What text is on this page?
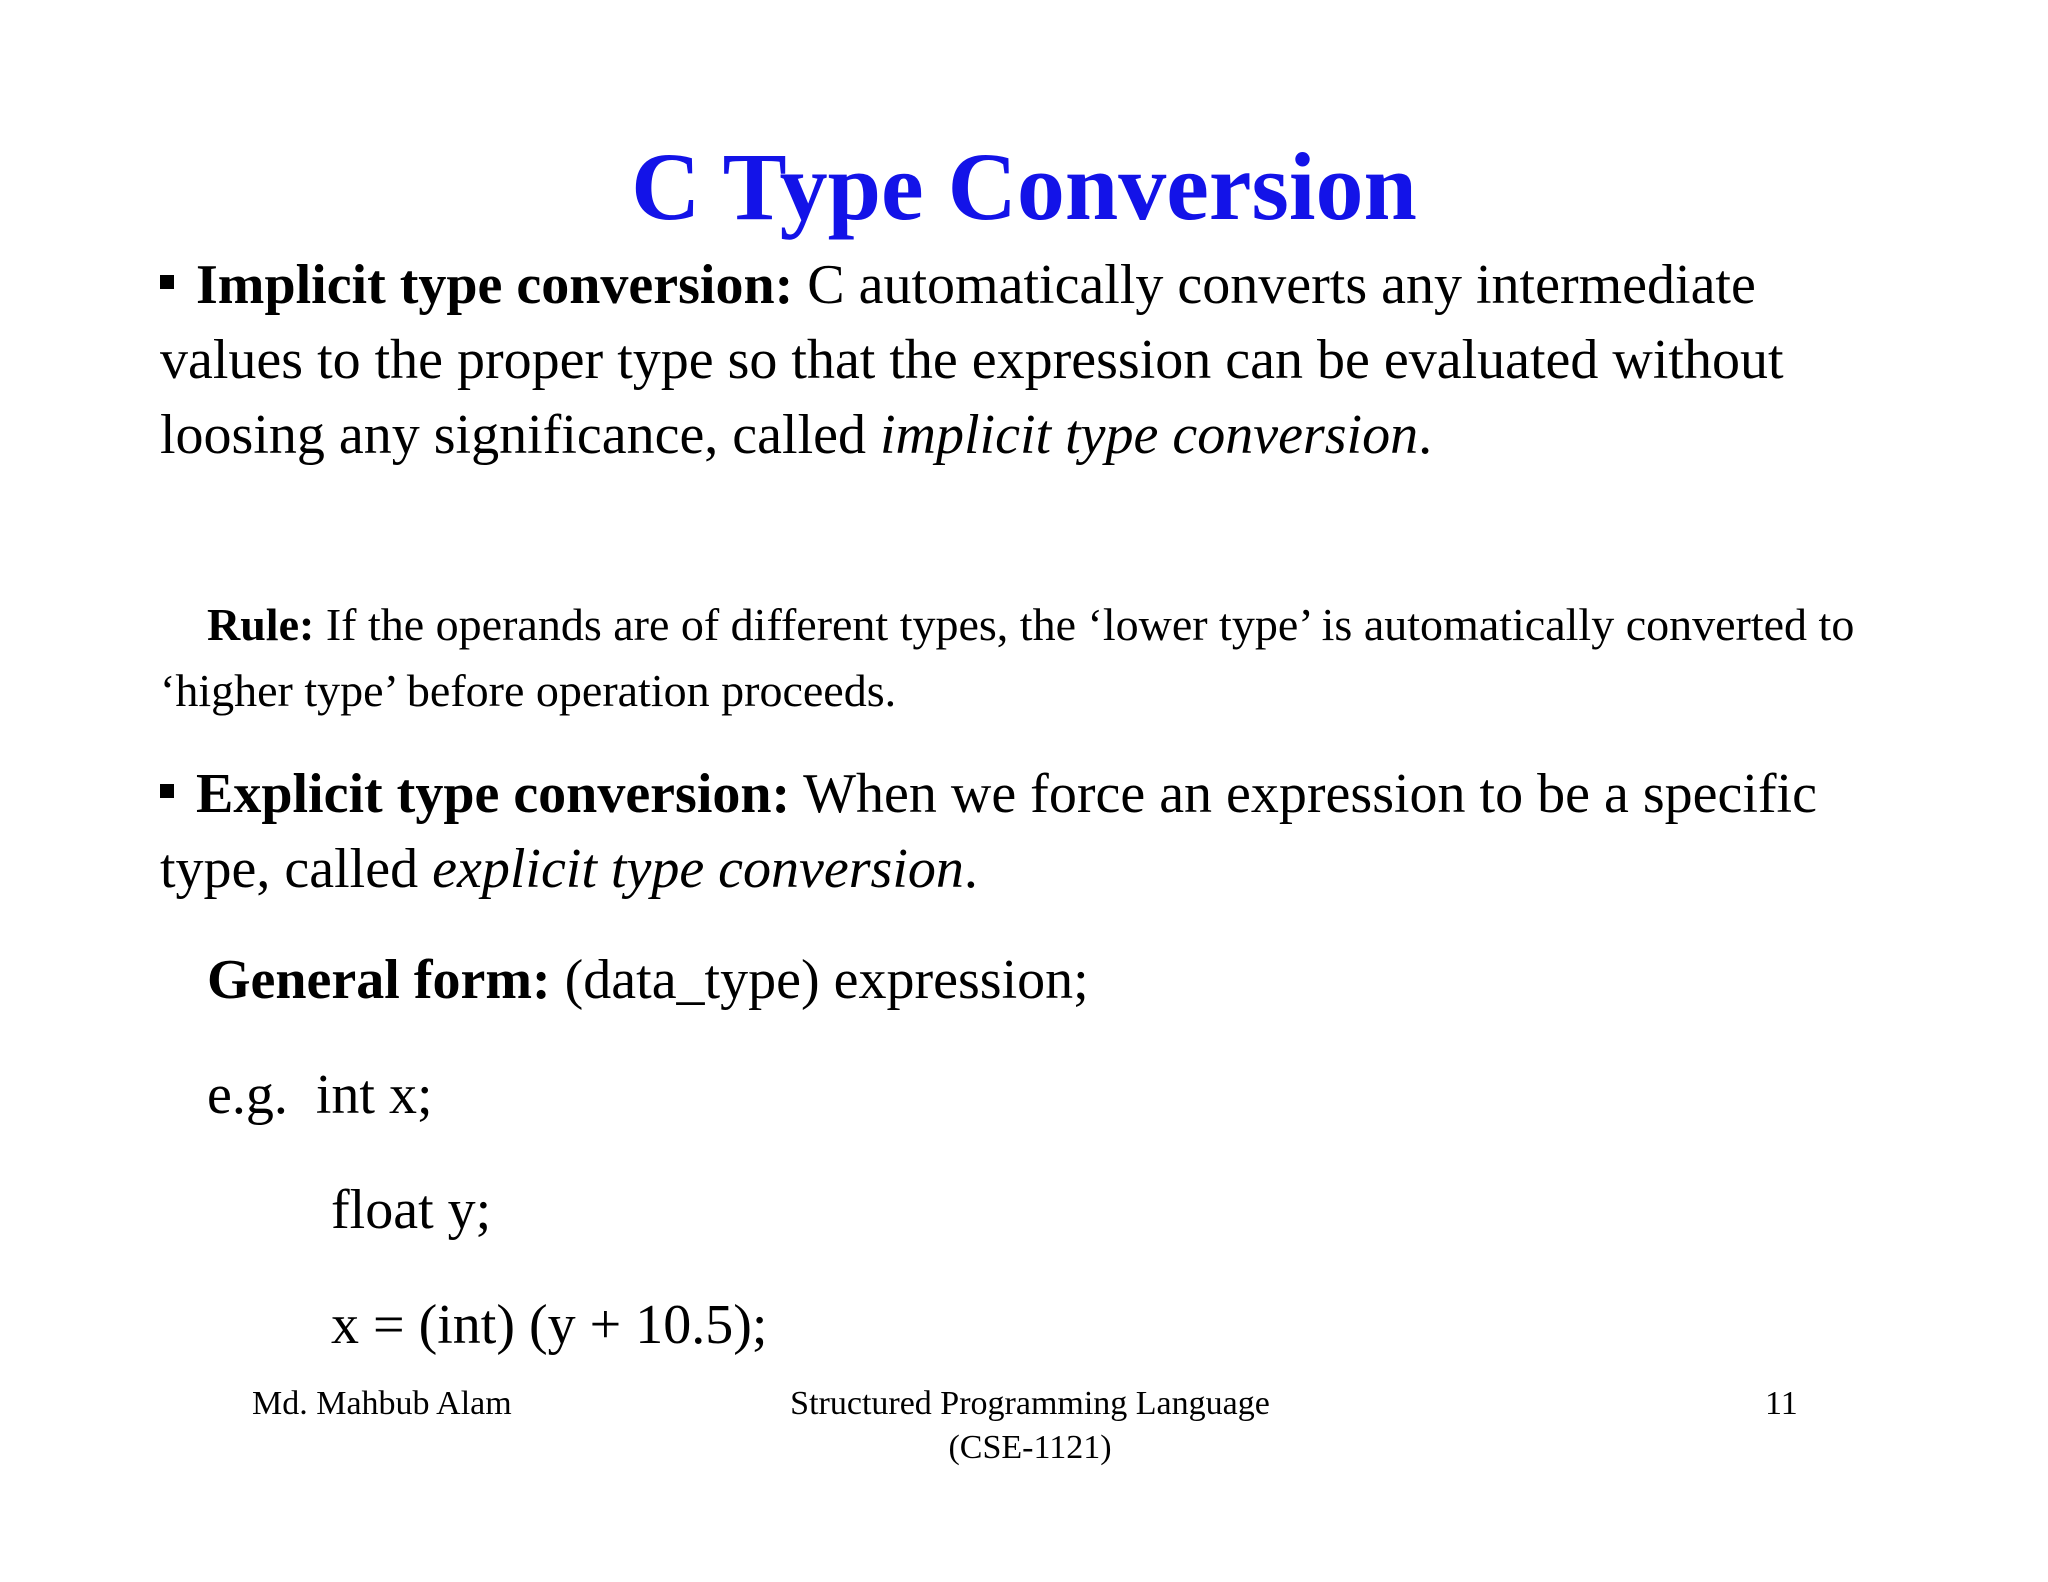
C Type Conversion

Implicit type conversion: C automatically converts any intermediate values to the proper type so that the expression can be evaluated without loosing any significance, called implicit type conversion.

Rule: If the operands are of different types, the ‘lower type’ is automatically converted to ‘higher type’ before operation proceeds.

Explicit type conversion: When we force an expression to be a specific type, called explicit type conversion.

General form: (data_type) expression;

e.g.  int x;

float y;

x = (int) (y + 10.5);

Md. Mahbub Alam	Structured Programming Language
(CSE-1121)
11
